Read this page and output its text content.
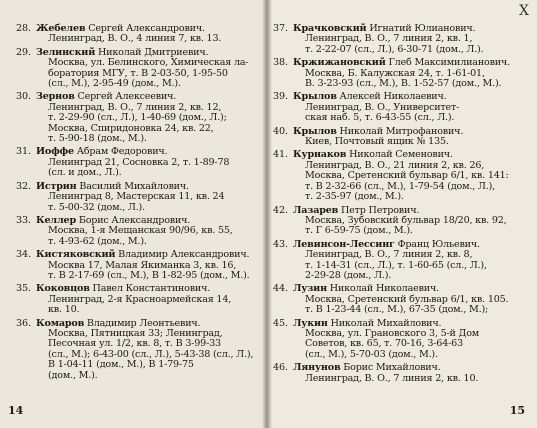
28. Жебелев Сергей Александрович.
Ленинград, В. О., 4 линия 7, кв. 13.
29. Зелинский Николай Дмитриевич.
Москва, ул. Белинского, Химическая ла-
боратория МГУ, т. В 2-03-50, 1-95-50
(сл., М.), 2-95-49 (дом., М.).
30. Зернов Сергей Алексеевич.
Ленинград, В. О., 7 линия 2, кв. 12,
т. 2-29-90 (сл., Л.), 1-40-69 (дом., Л.);
Москва, Спиридоновка 24, кв. 22,
т. 5-90-18 (дом., М.).
31. Иоффе Абрам Федорович.
Ленинград 21, Сосновка 2, т. 1-89-78
(сл. и дом., Л.).
32. Истрин Василий Михайлович.
Ленинград 8, Мастерская 11, кв. 24
т. 5-00-32 (дом., Л.).
33. Келлер Борис Александрович.
Москва, 1-я Мещанская 90/96, кв. 55,
т. 4-93-62 (дом., М.).
34. Кистяковский Владимир Александрович.
Москва 17, Малая Якиманка 3, кв. 16,
т. В 2-17-69 (сл., М.), В 1-82-95 (дом., М.).
35. Коковцов Павел Константинович.
Ленинград, 2-я Красноармейская 14,
кв. 10.
36. Комаров Владимир Леонтьевич.
Москва, Пятницкая 33; Ленинград,
Песочная ул. 1/2, кв. 8, т. В 3-99-33
(сл., М.); 6-43-00 (сл., Л.), 5-43-38 (сл., Л.),
В 1-04-11 (дом., М.), В 1-79-75
(дом., М.).
14
X
37. Крачковский Игнатий Юлианович.
Ленинград, В. О., 7 линия 2, кв. 1,
т. 2-22-07 (сл., Л.), 6-30-71 (дом., Л.).
38. Кржижановский Глеб Максимилианович.
Москва, Б. Калужская 24, т. 1-61-01,
В. 3-23-93 (сл., М.), В. 1-52-57 (дом., М.).
39. Крылов Алексей Николаевич.
Ленинград, В. О., Университет-
ская наб. 5, т. 6-43-55 (сл., Л.).
40. Крылов Николай Митрофанович.
Киев, Почтовый ящик № 135.
41. Курнаков Николай Семенович.
Ленинград, В. О., 21 линия 2, кв. 26,
Москва, Сретенский бульвар 6/1, кв. 141:
т. В 2-32-66 (сл., М.), 1-79-54 (дом., Л.),
т. 2-35-97 (дом., М.).
42. Лазарев Петр Петрович.
Москва, Зубовский бульвар 18/20, кв. 92,
т. Г 6-59-75 (дом., М.).
43. Левинсон-Лессинг Франц Юльевич.
Ленинград, В. О., 7 линия 2, кв. 8,
т. 1-14-31 (сл., Л.), т. 1-60-65 (сл., Л.),
2-29-28 (дом., Л.).
44. Лузин Николай Николаевич.
Москва, Сретенский бульвар 6/1, кв. 105.
т. В 1-23-44 (сл., М.), 67-35 (дом., М.);
45. Лукин Николай Михайлович.
Москва, ул. Грановского 3, 5-й Дом
Советов, кв. 65, т. 70-16, 3-64-63
(сл., М.), 5-70-03 (дом., М.).
46. Лянунов Борис Михайлович.
Ленинград, В. О., 7 линия 2, кв. 10.
15
